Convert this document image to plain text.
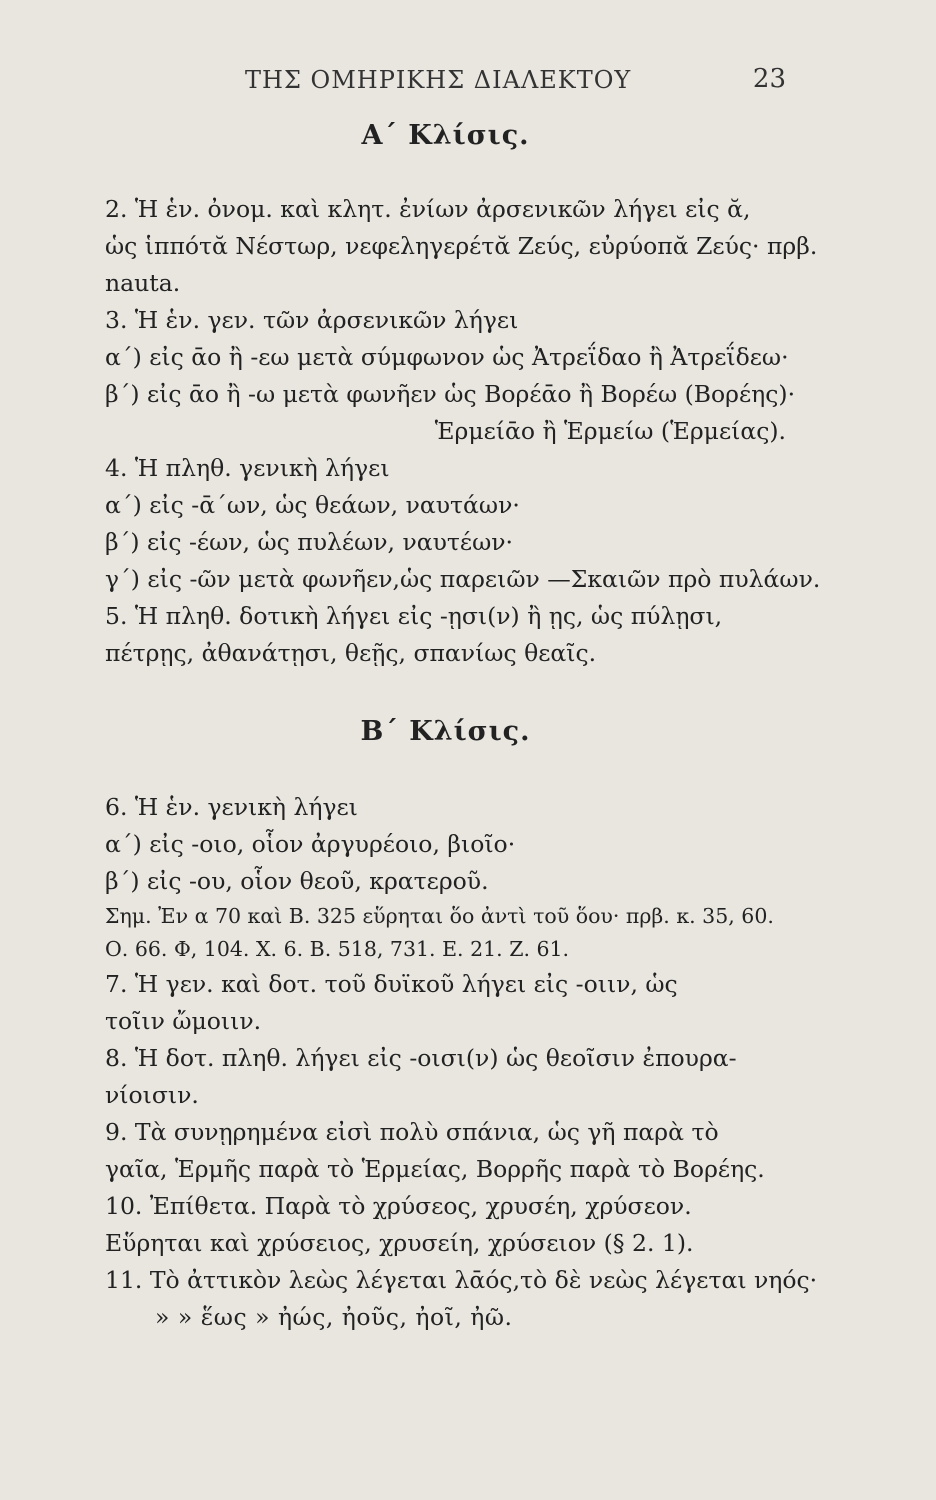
ΤΗΣ ΟΜΗΡΙΚΗΣ ΔΙΑΛΕΚΤΟΥ	23
Α΄ Κλίσις.
2. Ἡ ἑν. ὀνομ. καὶ κλητ. ἐνίων ἀρσενικῶν λήγει εἰς ᾰ,
ὡς ἱππότᾰ Νέστωρ, νεφεληγερέτᾰ Ζεύς, εὐρύοπᾰ Ζεύς· πρβ.
nauta.
3. Ἡ ἑν. γεν. τῶν ἀρσενικῶν λήγει
α΄) εἰς ᾱο ἢ -εω μετὰ σύμφωνον ὡς Ἀτρεΐδαο ἢ Ἀτρεΐδεω·
β΄) εἰς ᾱο ἢ -ω μετὰ φωνῆεν ὡς Βορέᾱο ἢ Βορέω (Βορέης)·
Ἑρμείᾱο ἢ Ἑρμείω (Ἑρμείας).
4. Ἡ πληθ. γενικὴ λήγει
α΄) εἰς -ᾱ΄ων, ὡς θεάων, ναυτάων·
β΄) εἰς -έων, ὡς πυλέων, ναυτέων·
γ΄) εἰς -ῶν μετὰ φωνῆεν,ὡς παρειῶν —Σκαιῶν πρὸ πυλάων.
5. Ἡ πληθ. δοτικὴ λήγει εἰς -ῃσι(ν) ἢ ῃς, ὡς πύλῃσι,
πέτρῃς, ἀθανάτῃσι, θεῇς, σπανίως θεαῖς.
Β΄ Κλίσις.
6. Ἡ ἑν. γενικὴ λήγει
α΄) εἰς -οιο, οἷον ἀργυρέοιο, βιοῖο·
β΄) εἰς -ου, οἷον θεοῦ, κρατεροῦ.
Σημ. Ἐν α 70 καὶ Β. 325 εὕρηται ὅο ἀντὶ τοῦ ὅου· πρβ. κ. 35, 60.
Ο. 66. Φ, 104. Χ. 6. Β. 518, 731. Ε. 21. Ζ. 61.
7. Ἡ γεν. καὶ δοτ. τοῦ δυϊκοῦ λήγει εἰς -οιιν, ὡς
τοῖιν ὤμοιιν.
8. Ἡ δοτ. πληθ. λήγει εἰς -οισι(ν) ὡς θεοῖσιν ἐπουρα-
νίοισιν.
9. Τὰ συνῃρημένα εἰσὶ πολὺ σπάνια, ὡς γῆ παρὰ τὸ
γαῖα, Ἑρμῆς παρὰ τὸ Ἑρμείας, Βορρῆς παρὰ τὸ Βορέης.
10. Ἐπίθετα. Παρὰ τὸ χρύσεος, χρυσέη, χρύσεον.
Εὕρηται καὶ χρύσειος, χρυσείη, χρύσειον (§ 2. 1).
11. Τὸ ἀττικὸν λεὼς λέγεται λᾱός,τὸ δὲ νεὼς λέγεται νηός·
» » ἕως » ἠώς, ἠοῦς, ἠοῖ, ἠῶ.
